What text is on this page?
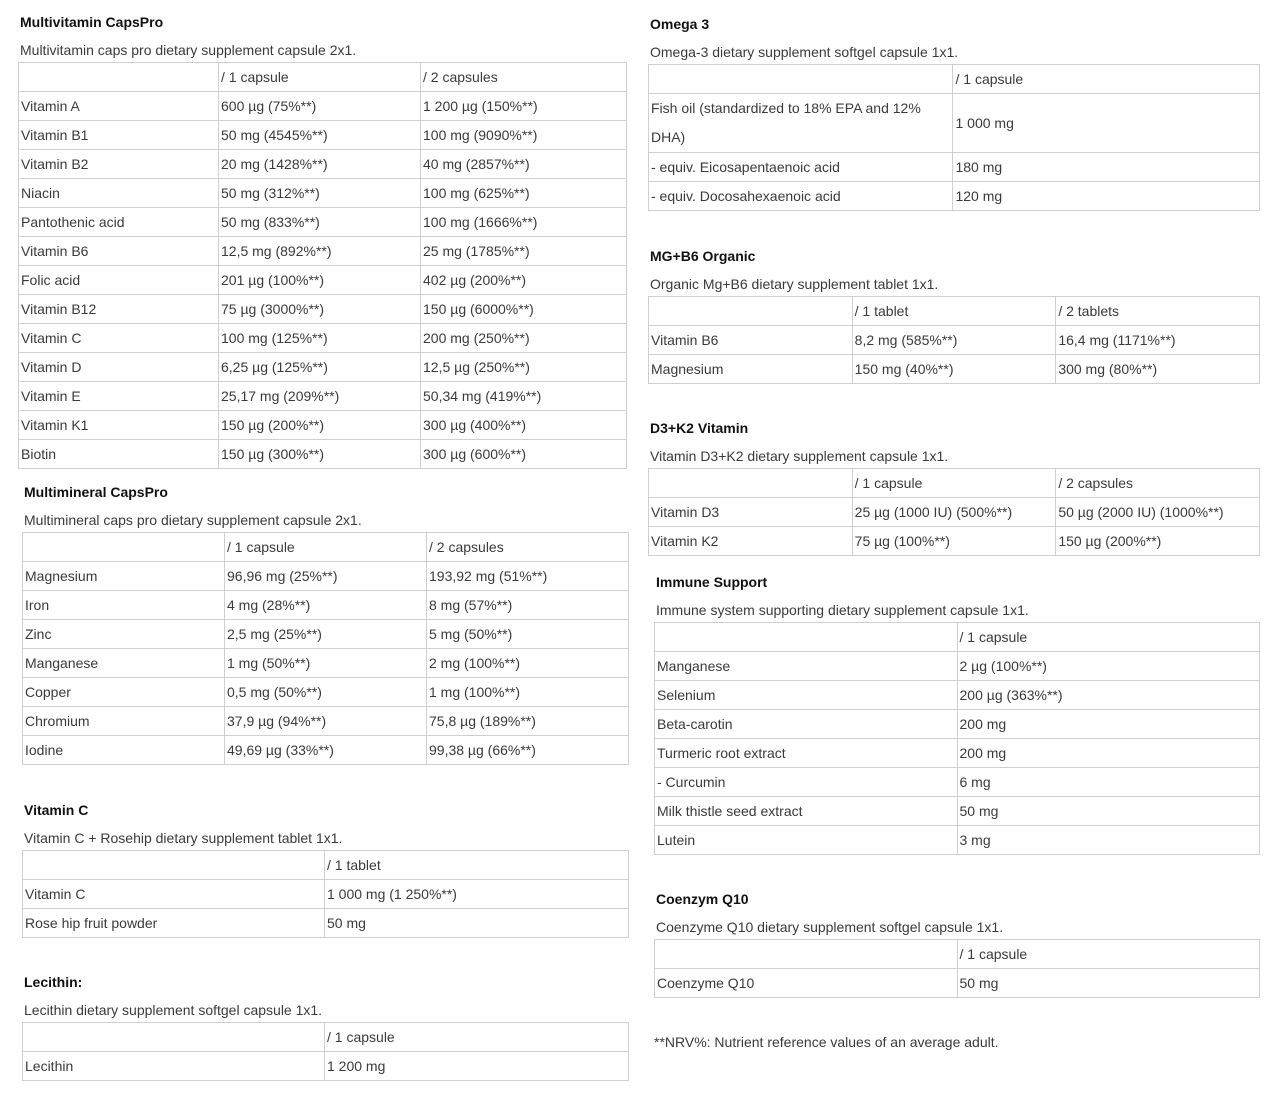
Multivitamin CapsPro
Multivitamin caps pro dietary supplement capsule 2x1.
	/ 1 capsule	/ 2 capsules
Vitamin A	600 µg (75%**)	1 200 µg (150%**)
Vitamin B1	50 mg (4545%**)	100 mg (9090%**)
Vitamin B2	20 mg (1428%**)	40 mg (2857%**)
Niacin	50 mg (312%**)	100 mg (625%**)
Pantothenic acid	50 mg (833%**)	100 mg (1666%**)
Vitamin B6	12,5 mg (892%**)	25 mg (1785%**)
Folic acid	201 µg (100%**)	402 µg (200%**)
Vitamin B12	75 µg (3000%**)	150 µg (6000%**)
Vitamin C	100 mg (125%**)	200 mg (250%**)
Vitamin D	6,25 µg (125%**)	12,5 µg (250%**)
Vitamin E	25,17 mg (209%**)	50,34 mg (419%**)
Vitamin K1	150 µg (200%**)	300 µg (400%**)
Biotin	150 µg (300%**)	300 µg (600%**)
Multimineral CapsPro
Multimineral caps pro dietary supplement capsule 2x1.
	/ 1 capsule	/ 2 capsules
Magnesium	96,96 mg (25%**)	193,92 mg (51%**)
Iron	4 mg (28%**)	8 mg (57%**)
Zinc	2,5 mg (25%**)	5 mg (50%**)
Manganese	1 mg (50%**)	2 mg (100%**)
Copper	0,5 mg (50%**)	1 mg (100%**)
Chromium	37,9 µg (94%**)	75,8 µg (189%**)
Iodine	49,69 µg (33%**)	99,38 µg (66%**)
Vitamin C
Vitamin C + Rosehip dietary supplement tablet 1x1.
	/ 1 tablet
Vitamin C	1 000 mg (1 250%**)
Rose hip fruit powder	50 mg
Lecithin:
Lecithin dietary supplement softgel capsule 1x1.
	/ 1 capsule
Lecithin	1 200 mg
Omega 3
Omega-3 dietary supplement softgel capsule 1x1.
	/ 1 capsule
Fish oil (standardized to 18% EPA and 12% DHA)	1 000 mg
- equiv. Eicosapentaenoic acid	180 mg
- equiv. Docosahexaenoic acid	120 mg
MG+B6 Organic
Organic Mg+B6 dietary supplement tablet 1x1.
	/ 1 tablet	/ 2 tablets
Vitamin B6	8,2 mg (585%**)	16,4 mg (1171%**)
Magnesium	150 mg (40%**)	300 mg (80%**)
D3+K2 Vitamin
Vitamin D3+K2 dietary supplement capsule 1x1.
	/ 1 capsule	/ 2 capsules
Vitamin D3	25 µg (1000 IU) (500%**)	50 µg (2000 IU) (1000%**)
Vitamin K2	75 µg (100%**)	150 µg (200%**)
Immune Support
Immune system supporting dietary supplement capsule 1x1.
	/ 1 capsule
Manganese	2 µg (100%**)
Selenium	200 µg (363%**)
Beta-carotin	200 mg
Turmeric root extract	200 mg
- Curcumin	6 mg
Milk thistle seed extract	50 mg
Lutein	3 mg
Coenzym Q10
Coenzyme Q10 dietary supplement softgel capsule 1x1.
	/ 1 capsule
Coenzyme Q10	50 mg
**NRV%: Nutrient reference values of an average adult.
